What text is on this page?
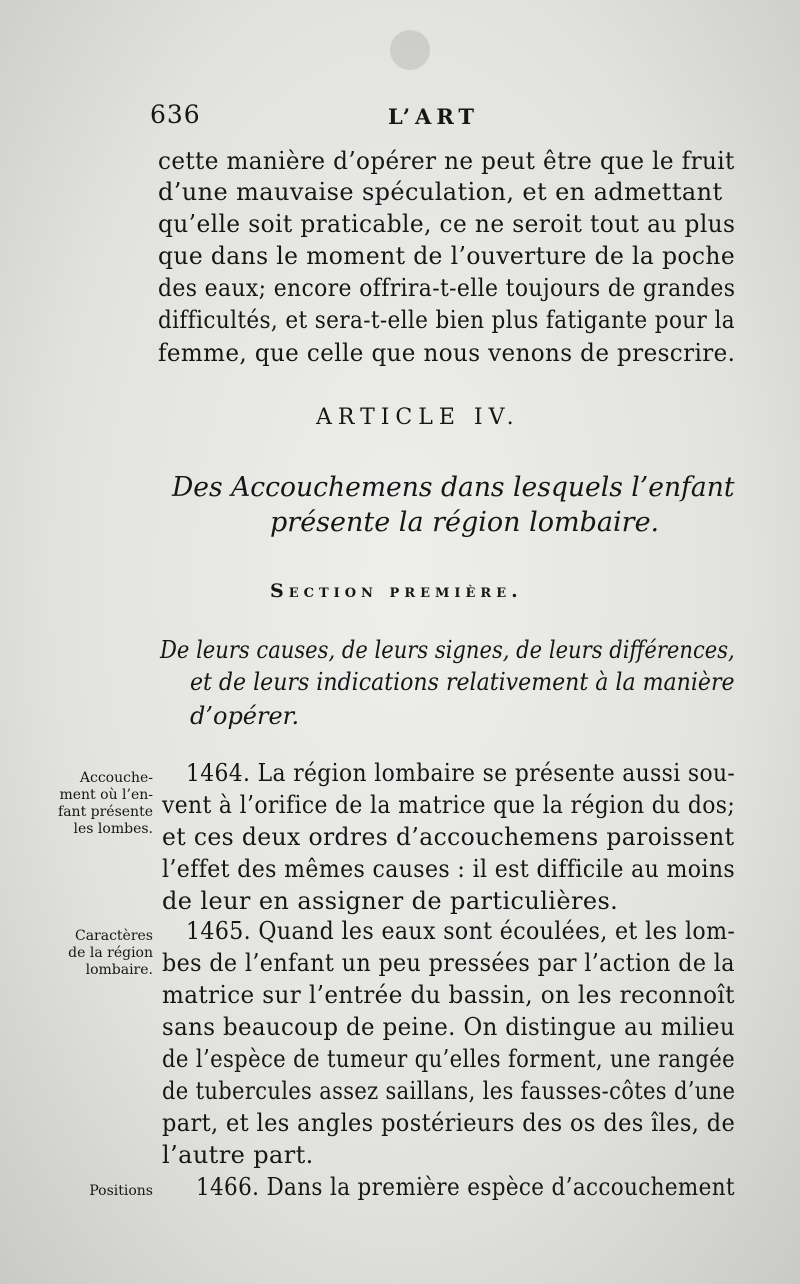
636	L’ART
cette manière d’opérer ne peut être que le fruit
d’une mauvaise spéculation, et en admettant
qu’elle soit praticable, ce ne seroit tout au plus
que dans le moment de l’ouverture de la poche
des eaux; encore offrira-t-elle toujours de grandes
difficultés, et sera-t-elle bien plus fatigante pour la
femme, que celle que nous venons de prescrire.
ARTICLE IV.
Des Accouchemens dans lesquels l’enfant
présente la région lombaire.
Section première.
De leurs causes, de leurs signes, de leurs différences,
et de leurs indications relativement à la manière
d’opérer.
Accouche-
ment où l’en-
fant présente
les lombes.
Caractères
de la région
lombaire.
Positions
1464. La région lombaire se présente aussi sou-
vent à l’orifice de la matrice que la région du dos;
et ces deux ordres d’accouchemens paroissent
l’effet des mêmes causes : il est difficile au moins
de leur en assigner de particulières.
1465. Quand les eaux sont écoulées, et les lom-
bes de l’enfant un peu pressées par l’action de la
matrice sur l’entrée du bassin, on les reconnoît
sans beaucoup de peine. On distingue au milieu
de l’espèce de tumeur qu’elles forment, une rangée
de tubercules assez saillans, les fausses-côtes d’une
part, et les angles postérieurs des os des îles, de
l’autre part.
1466. Dans la première espèce d’accouchement
